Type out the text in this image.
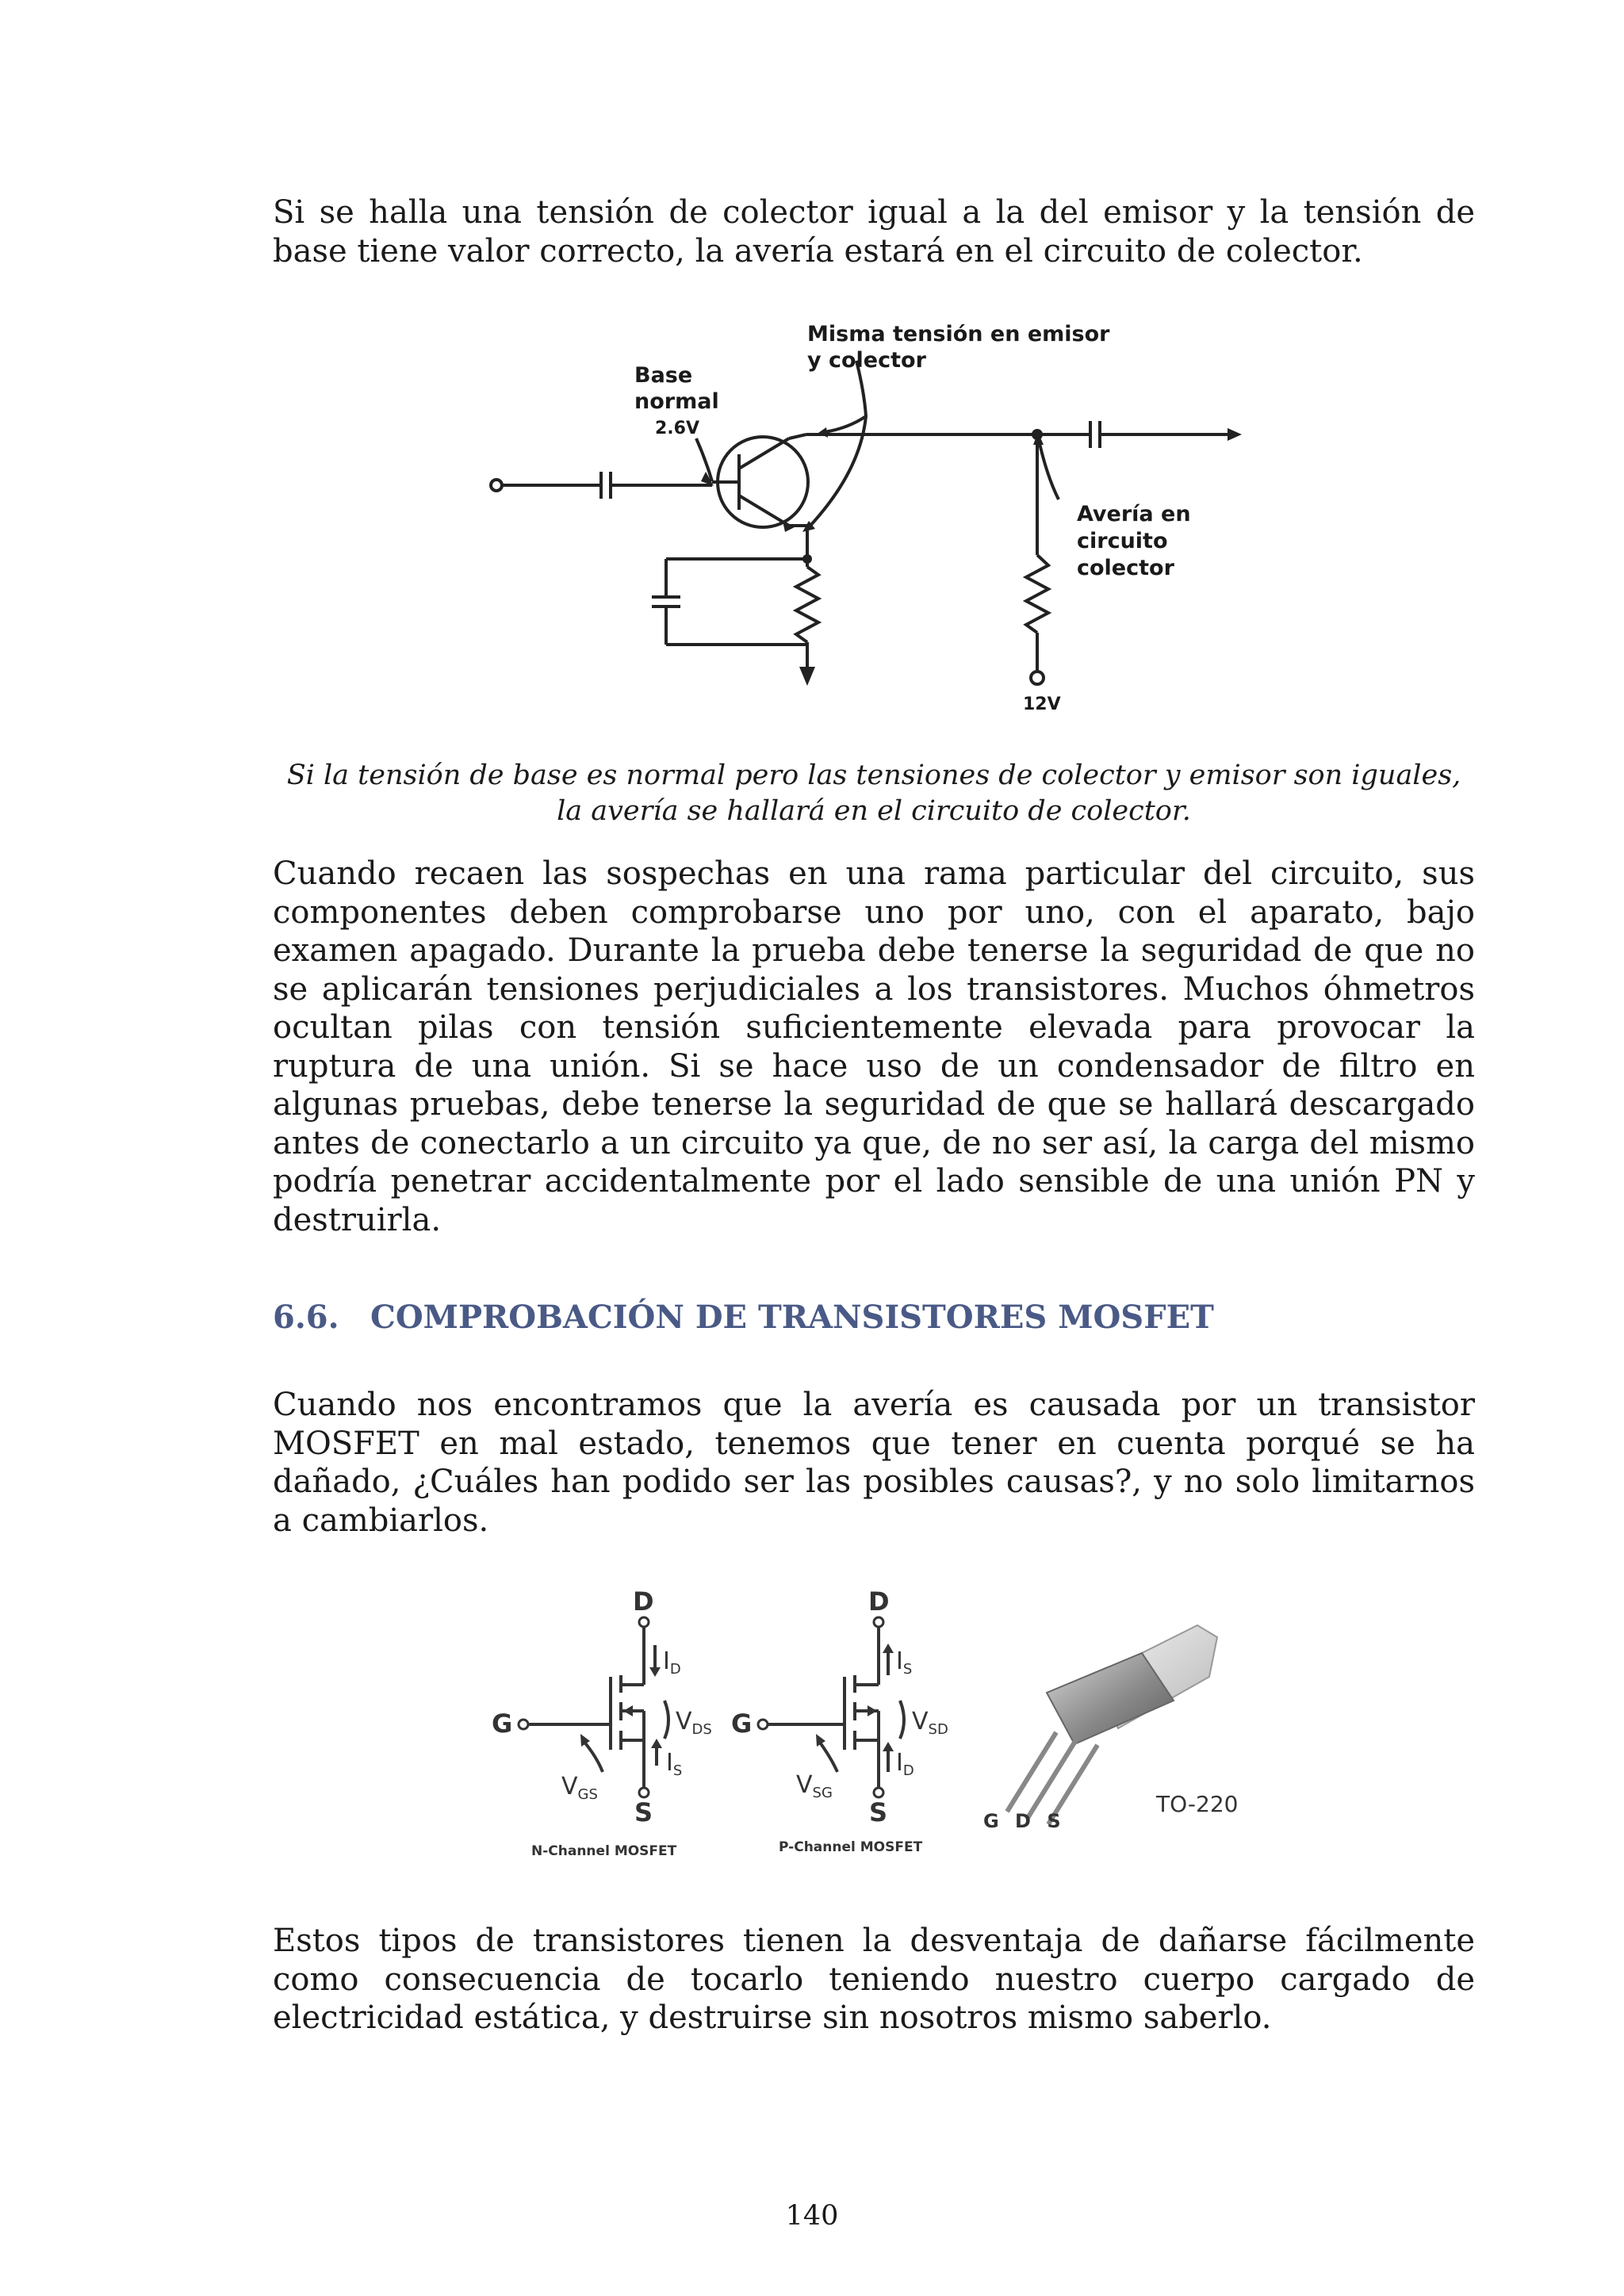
Si se halla una tensión de colector igual a la del emisor y la tensión de base tiene valor correcto, la avería estará en el circuito de colector.

Misma tensión en emisor
y colector
Base
normal
2.6V
Avería en
circuito
colector
12V

Si la tensión de base es normal pero las tensiones de colector y emisor son iguales, la avería se hallará en el circuito de colector.

Cuando recaen las sospechas en una rama particular del circuito, sus componentes deben comprobarse uno por uno, con el aparato, bajo examen apagado. Durante la prueba debe tenerse la seguridad de que no se aplicarán tensiones perjudiciales a los transistores. Muchos óhmetros ocultan pilas con tensión suficientemente elevada para provocar la ruptura de una unión. Si se hace uso de un condensador de filtro en algunas pruebas, debe tenerse la seguridad de que se hallará descargado antes de conectarlo a un circuito ya que, de no ser así, la carga del mismo podría penetrar accidentalmente por el lado sensible de una unión PN y destruirla.

6.6. COMPROBACIÓN DE TRANSISTORES MOSFET

Cuando nos encontramos que la avería es causada por un transistor MOSFET en mal estado, tenemos que tener en cuenta porqué se ha dañado, ¿Cuáles han podido ser las posibles causas?, y no solo limitarnos a cambiarlos.

D
G
S
$I_D$
$I_S$
$V_{DS}$
$V_{GS}$
N-Channel MOSFET
D
G
S
$I_S$
$I_D$
$V_{SD}$
$V_{SG}$
P-Channel MOSFET
G D S
TO-220

Estos tipos de transistores tienen la desventaja de dañarse fácilmente como consecuencia de tocarlo teniendo nuestro cuerpo cargado de electricidad estática, y destruirse sin nosotros mismo saberlo.

140
